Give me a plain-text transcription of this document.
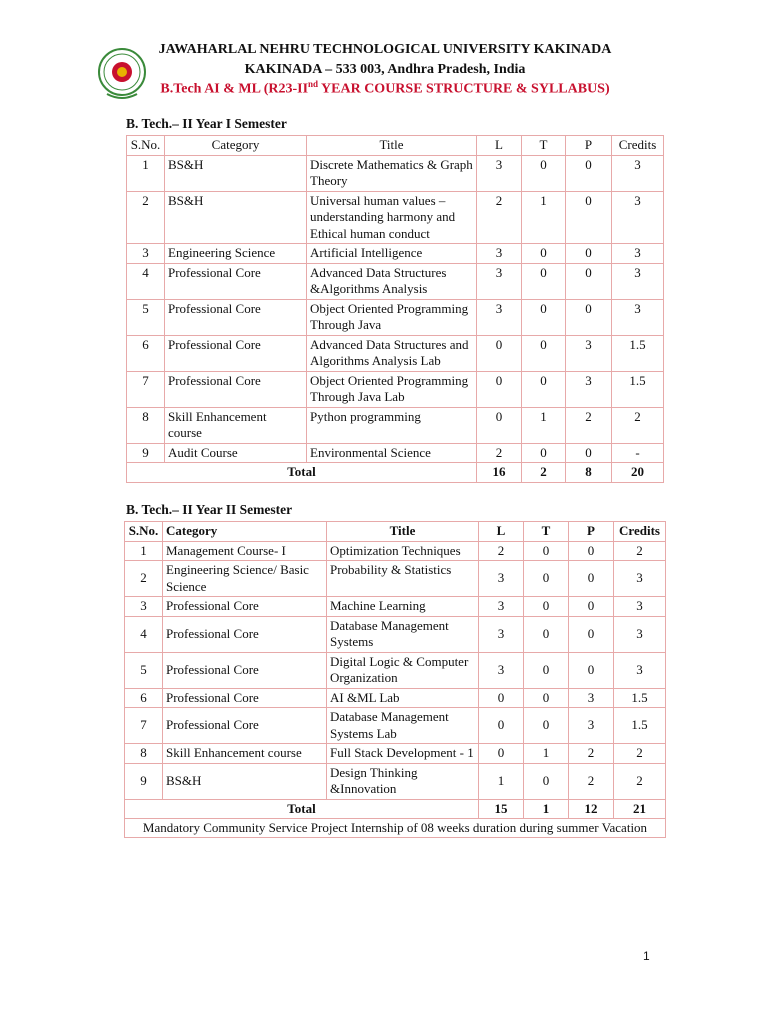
JAWAHARLAL NEHRU TECHNOLOGICAL UNIVERSITY KAKINADA
KAKINADA – 533 003, Andhra Pradesh, India
B.Tech AI & ML (R23-IInd YEAR COURSE STRUCTURE & SYLLABUS)
B. Tech.– II Year I Semester
S.No.	Category	Title	L	T	P	Credits
1	BS&H	Discrete Mathematics & Graph Theory	3	0	0	3
2	BS&H	Universal human values – understanding harmony and Ethical human conduct	2	1	0	3
3	Engineering Science	Artificial Intelligence	3	0	0	3
4	Professional Core	Advanced Data Structures &Algorithms Analysis	3	0	0	3
5	Professional Core	Object Oriented Programming Through Java	3	0	0	3
6	Professional Core	Advanced Data Structures and Algorithms Analysis Lab	0	0	3	1.5
7	Professional Core	Object Oriented Programming Through Java Lab	0	0	3	1.5
8	Skill Enhancement course	Python programming	0	1	2	2
9	Audit Course	Environmental Science	2	0	0	-
Total			16	2	8	20
B. Tech.– II Year II Semester
S.No.	Category	Title	L	T	P	Credits
1	Management Course- I	Optimization Techniques	2	0	0	2
2	Engineering Science/ Basic Science	Probability & Statistics	3	0	0	3
3	Professional Core	Machine Learning	3	0	0	3
4	Professional Core	Database Management Systems	3	0	0	3
5	Professional Core	Digital Logic & Computer Organization	3	0	0	3
6	Professional Core	AI &ML Lab	0	0	3	1.5
7	Professional Core	Database Management Systems Lab	0	0	3	1.5
8	Skill Enhancement course	Full Stack Development - 1	0	1	2	2
9	BS&H	Design Thinking &Innovation	1	0	2	2
Total			15	1	12	21
Mandatory Community Service Project Internship of 08 weeks duration during summer Vacation						
1
